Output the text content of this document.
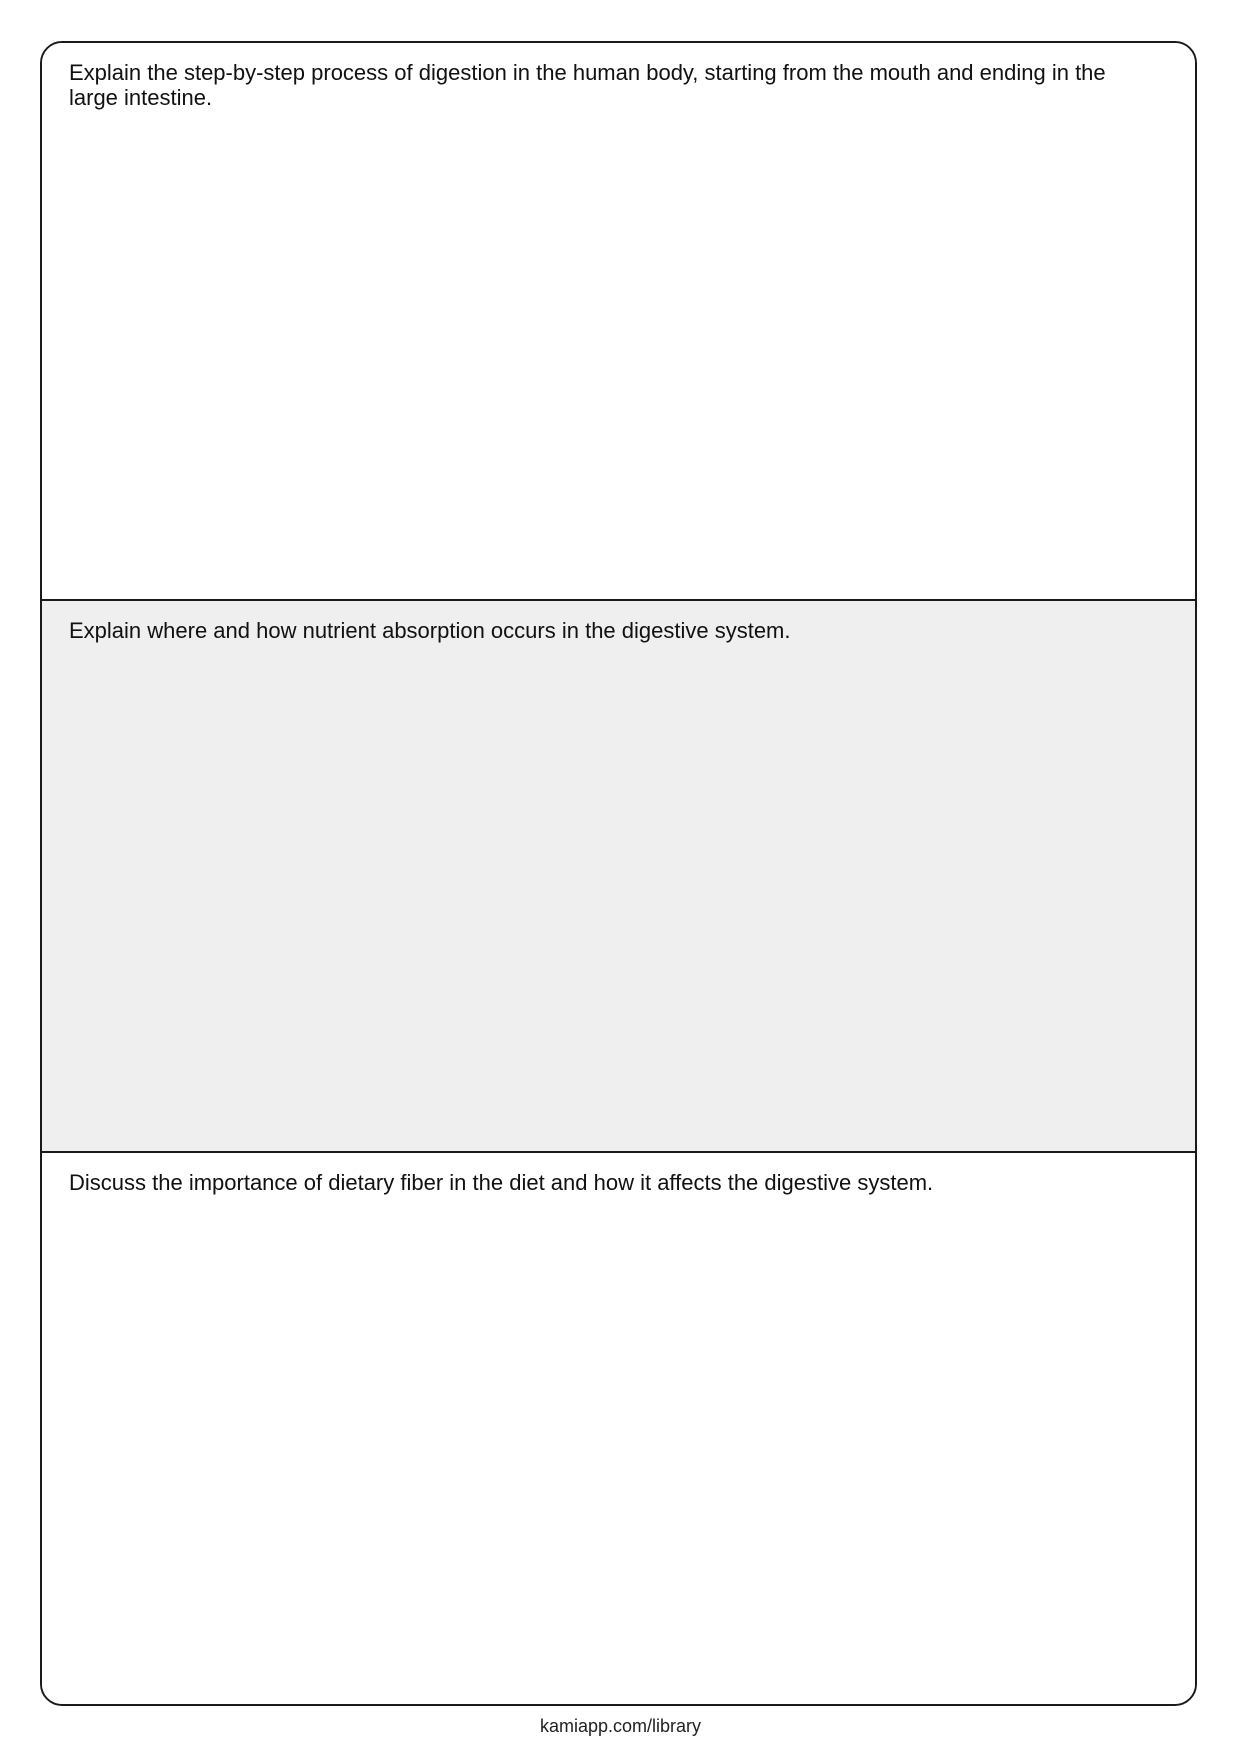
Explain the step-by-step process of digestion in the human body, starting from the mouth and ending in the large intestine.

Explain where and how nutrient absorption occurs in the digestive system.

Discuss the importance of dietary fiber in the diet and how it affects the digestive system.

kamiapp.com/library
